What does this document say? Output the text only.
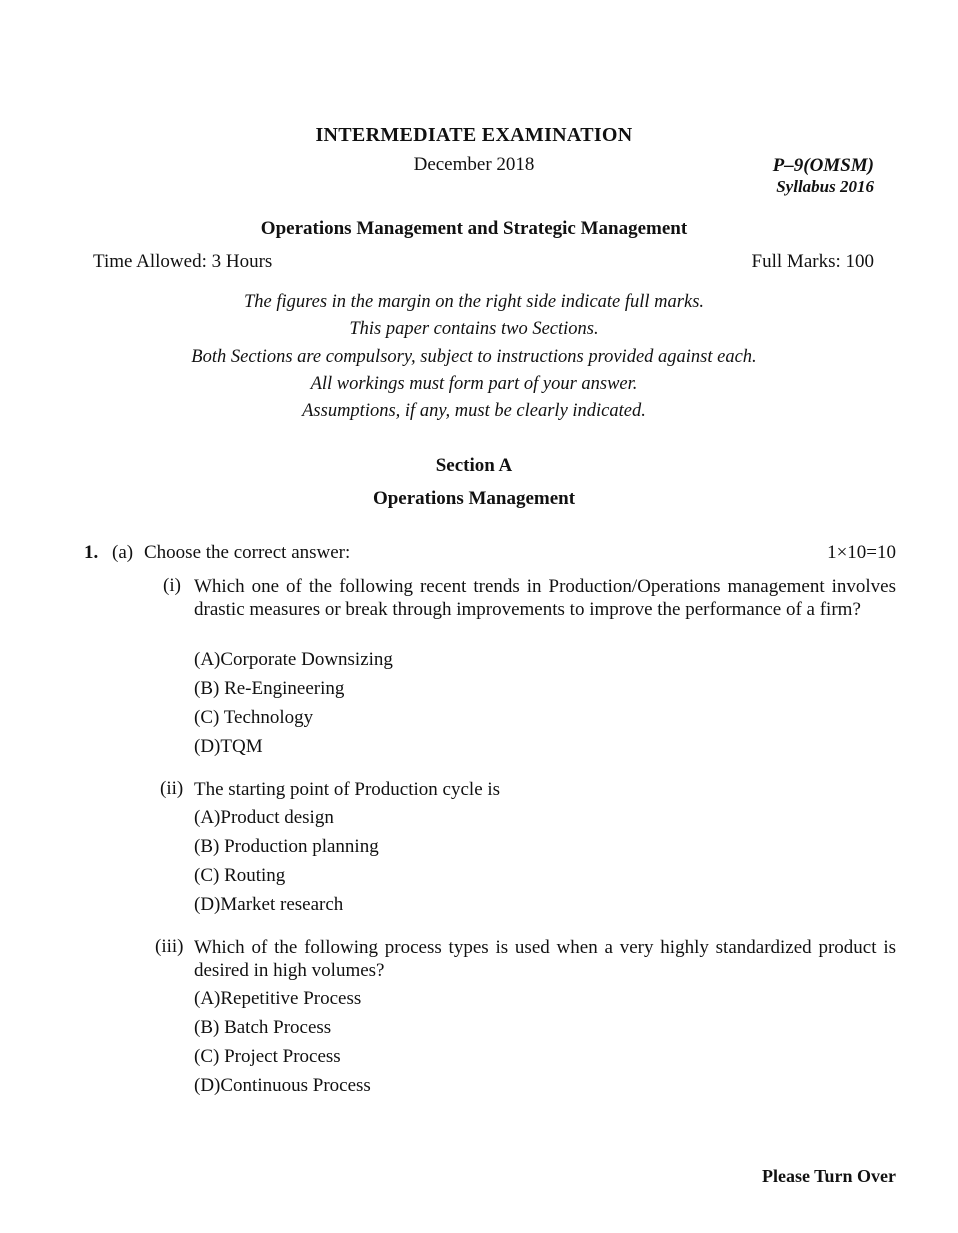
INTERMEDIATE EXAMINATION
December 2018	P–9(OMSM)
Syllabus 2016
Operations Management and Strategic Management
Time Allowed: 3 Hours	Full Marks: 100
The figures in the margin on the right side indicate full marks.
This paper contains two Sections.
Both Sections are compulsory, subject to instructions provided against each.
All workings must form part of your answer.
Assumptions, if any, must be clearly indicated.
Section A
Operations Management
1. (a) Choose the correct answer:	1×10=10
(i) Which one of the following recent trends in Production/Operations management involves drastic measures or break through improvements to improve the performance of a firm?
(A)Corporate Downsizing
(B) Re-Engineering
(C) Technology
(D)TQM
(ii) The starting point of Production cycle is
(A)Product design
(B) Production planning
(C) Routing
(D)Market research
(iii) Which of the following process types is used when a very highly standardized product is desired in high volumes?
(A)Repetitive Process
(B) Batch Process
(C) Project Process
(D)Continuous Process
Please Turn Over
